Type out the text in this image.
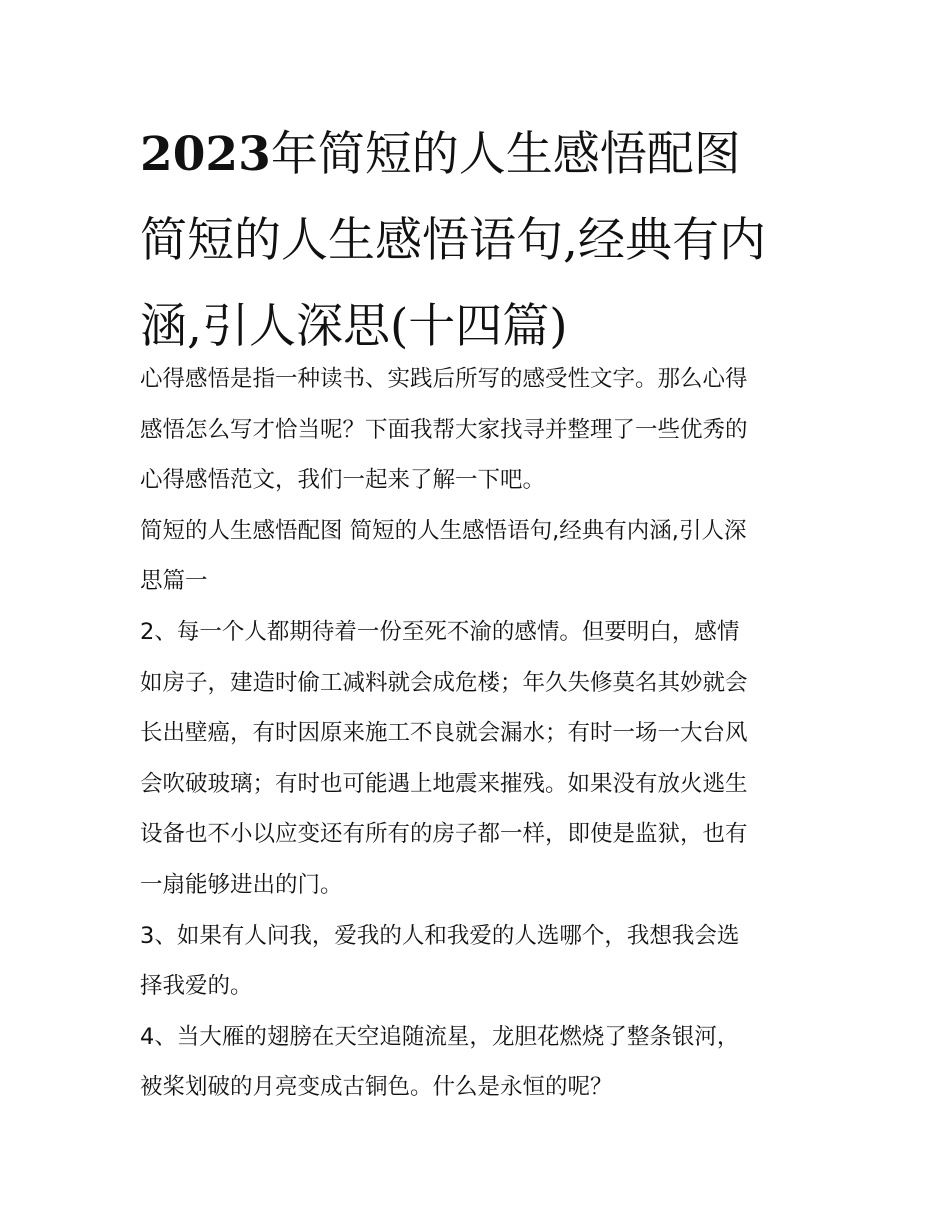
2023年简短的人生感悟配图
简短的人生感悟语句,经典有内
涵,引人深思(十四篇)
心得感悟是指一种读书、实践后所写的感受性文字。那么心得
感悟怎么写才恰当呢？下面我帮大家找寻并整理了一些优秀的
心得感悟范文，我们一起来了解一下吧。
简短的人生感悟配图 简短的人生感悟语句,经典有内涵,引人深
思篇一
2、每一个人都期待着一份至死不渝的感情。但要明白，感情
如房子，建造时偷工减料就会成危楼；年久失修莫名其妙就会
长出壁癌，有时因原来施工不良就会漏水；有时一场一大台风
会吹破玻璃；有时也可能遇上地震来摧残。如果没有放火逃生
设备也不小以应变还有所有的房子都一样，即使是监狱，也有
一扇能够进出的门。
3、如果有人问我，爱我的人和我爱的人选哪个，我想我会选
择我爱的。
4、当大雁的翅膀在天空追随流星，龙胆花燃烧了整条银河，
被桨划破的月亮变成古铜色。什么是永恒的呢？
